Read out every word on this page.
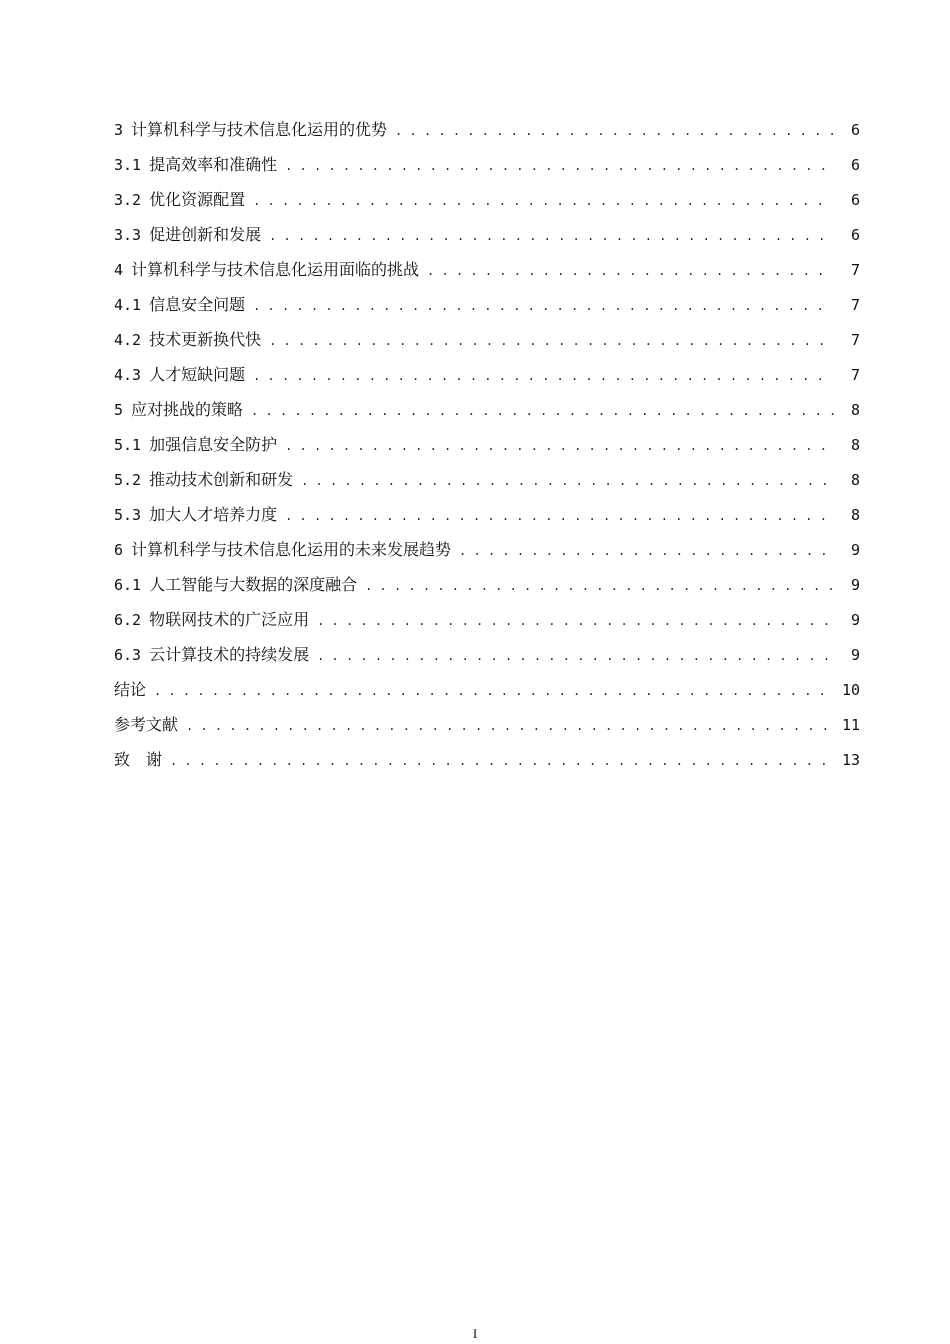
3 计算机科学与技术信息化运用的优势 . . .	6
3.1 提高效率和准确性 . . .	6
3.2 优化资源配置 . . .	6
3.3 促进创新和发展 . . .	6
4 计算机科学与技术信息化运用面临的挑战 . . .	7
4.1 信息安全问题 . . .	7
4.2 技术更新换代快 . . .	7
4.3 人才短缺问题 . . .	7
5 应对挑战的策略 . . .	8
5.1 加强信息安全防护 . . .	8
5.2 推动技术创新和研发 . . .	8
5.3 加大人才培养力度 . . .	8
6 计算机科学与技术信息化运用的未来发展趋势 . . .	9
6.1 人工智能与大数据的深度融合 . . .	9
6.2 物联网技术的广泛应用 . . .	9
6.3 云计算技术的持续发展 . . .	9
结论 . . .	10
参考文献 . . .	11
致　谢 . . .	13
I
